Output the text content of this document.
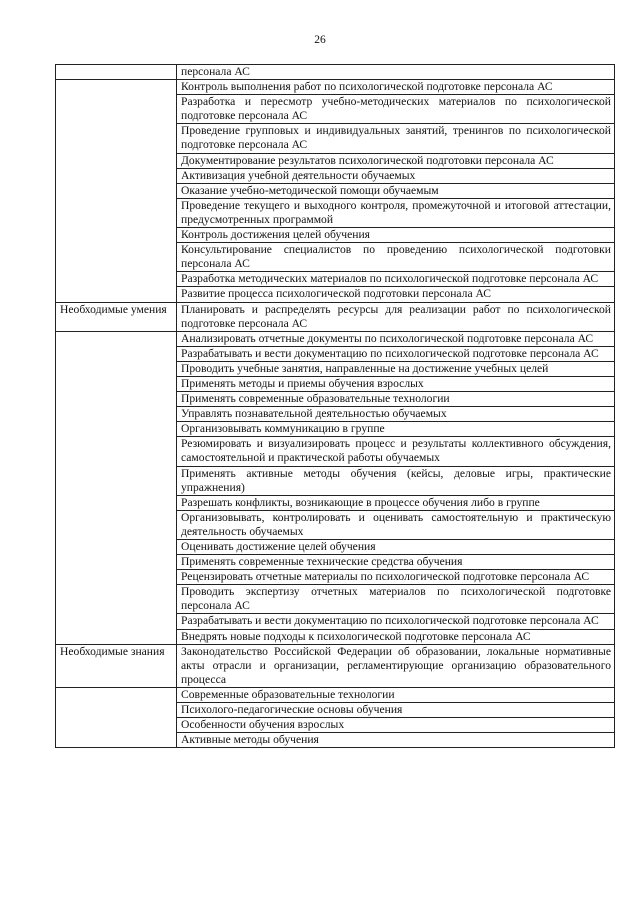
26
	персонала АС
	Контроль выполнения работ по психологической подготовке персонала АС
	Разработка и пересмотр учебно-методических материалов по психологической подготовке персонала АС
	Проведение групповых и индивидуальных занятий, тренингов по психологической подготовке персонала АС
	Документирование результатов психологической подготовки персонала АС
	Активизация учебной деятельности обучаемых
	Оказание учебно-методической помощи обучаемым
	Проведение текущего и выходного контроля, промежуточной и итоговой аттестации, предусмотренных программой
	Контроль достижения целей обучения
	Консультирование специалистов по проведению психологической подготовки персонала АС
	Разработка методических материалов по психологической подготовке персонала АС
	Развитие процесса психологической подготовки персонала АС
Необходимые умения	Планировать и распределять ресурсы для реализации работ по психологической подготовке персонала АС
	Анализировать отчетные документы по психологической подготовке персонала АС
	Разрабатывать и вести документацию по психологической подготовке персонала АС
	Проводить учебные занятия, направленные на достижение учебных целей
	Применять методы и приемы обучения взрослых
	Применять современные образовательные технологии
	Управлять познавательной деятельностью обучаемых
	Организовывать коммуникацию в группе
	Резюмировать и визуализировать процесс и результаты коллективного обсуждения, самостоятельной и практической работы обучаемых
	Применять активные методы обучения (кейсы, деловые игры, практические упражнения)
	Разрешать конфликты, возникающие в процессе обучения либо в группе
	Организовывать, контролировать и оценивать самостоятельную и практическую деятельность обучаемых
	Оценивать достижение целей обучения
	Применять современные технические средства обучения
	Рецензировать отчетные материалы по психологической подготовке персонала АС
	Проводить экспертизу отчетных материалов по психологической подготовке персонала АС
	Разрабатывать и вести документацию по психологической подготовке персонала АС
	Внедрять новые подходы к психологической подготовке персонала АС
Необходимые знания	Законодательство Российской Федерации об образовании, локальные нормативные акты отрасли и организации, регламентирующие организацию образовательного процесса
	Современные образовательные технологии
	Психолого-педагогические основы обучения
	Особенности обучения взрослых
	Активные методы обучения
